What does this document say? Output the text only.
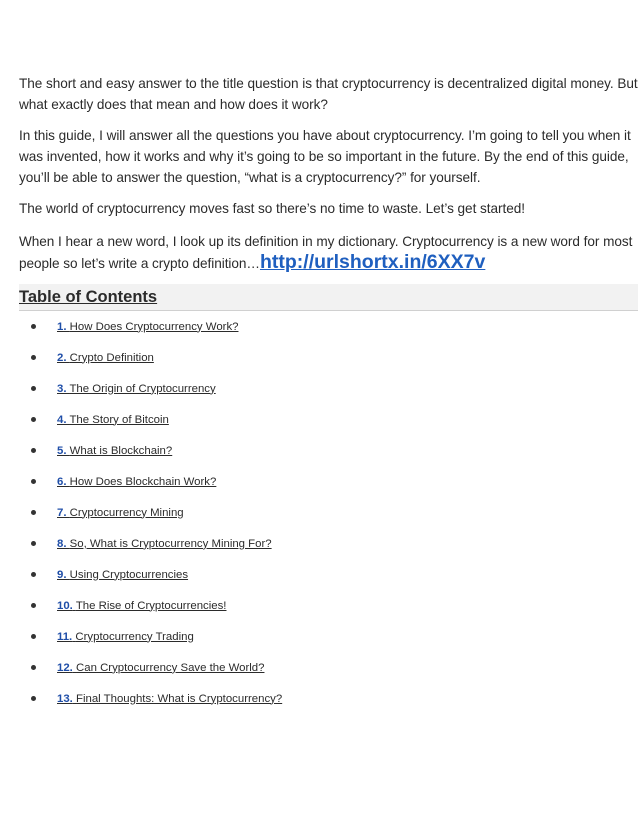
The short and easy answer to the title question is that cryptocurrency is decentralized digital money. But what exactly does that mean and how does it work?

In this guide, I will answer all the questions you have about cryptocurrency. I’m going to tell you when it was invented, how it works and why it’s going to be so important in the future. By the end of this guide, you’ll be able to answer the question, “what is a cryptocurrency?” for yourself.

The world of cryptocurrency moves fast so there’s no time to waste. Let’s get started!

When I hear a new word, I look up its definition in my dictionary. Cryptocurrency is a new word for most people so let’s write a crypto definition…http://urlshortx.in/6XX7v

Table of Contents
1. How Does Cryptocurrency Work?
2. Crypto Definition
3. The Origin of Cryptocurrency
4. The Story of Bitcoin
5. What is Blockchain?
6. How Does Blockchain Work?
7. Cryptocurrency Mining
8. So, What is Cryptocurrency Mining For?
9. Using Cryptocurrencies
10. The Rise of Cryptocurrencies!
11. Cryptocurrency Trading
12. Can Cryptocurrency Save the World?
13. Final Thoughts: What is Cryptocurrency?
